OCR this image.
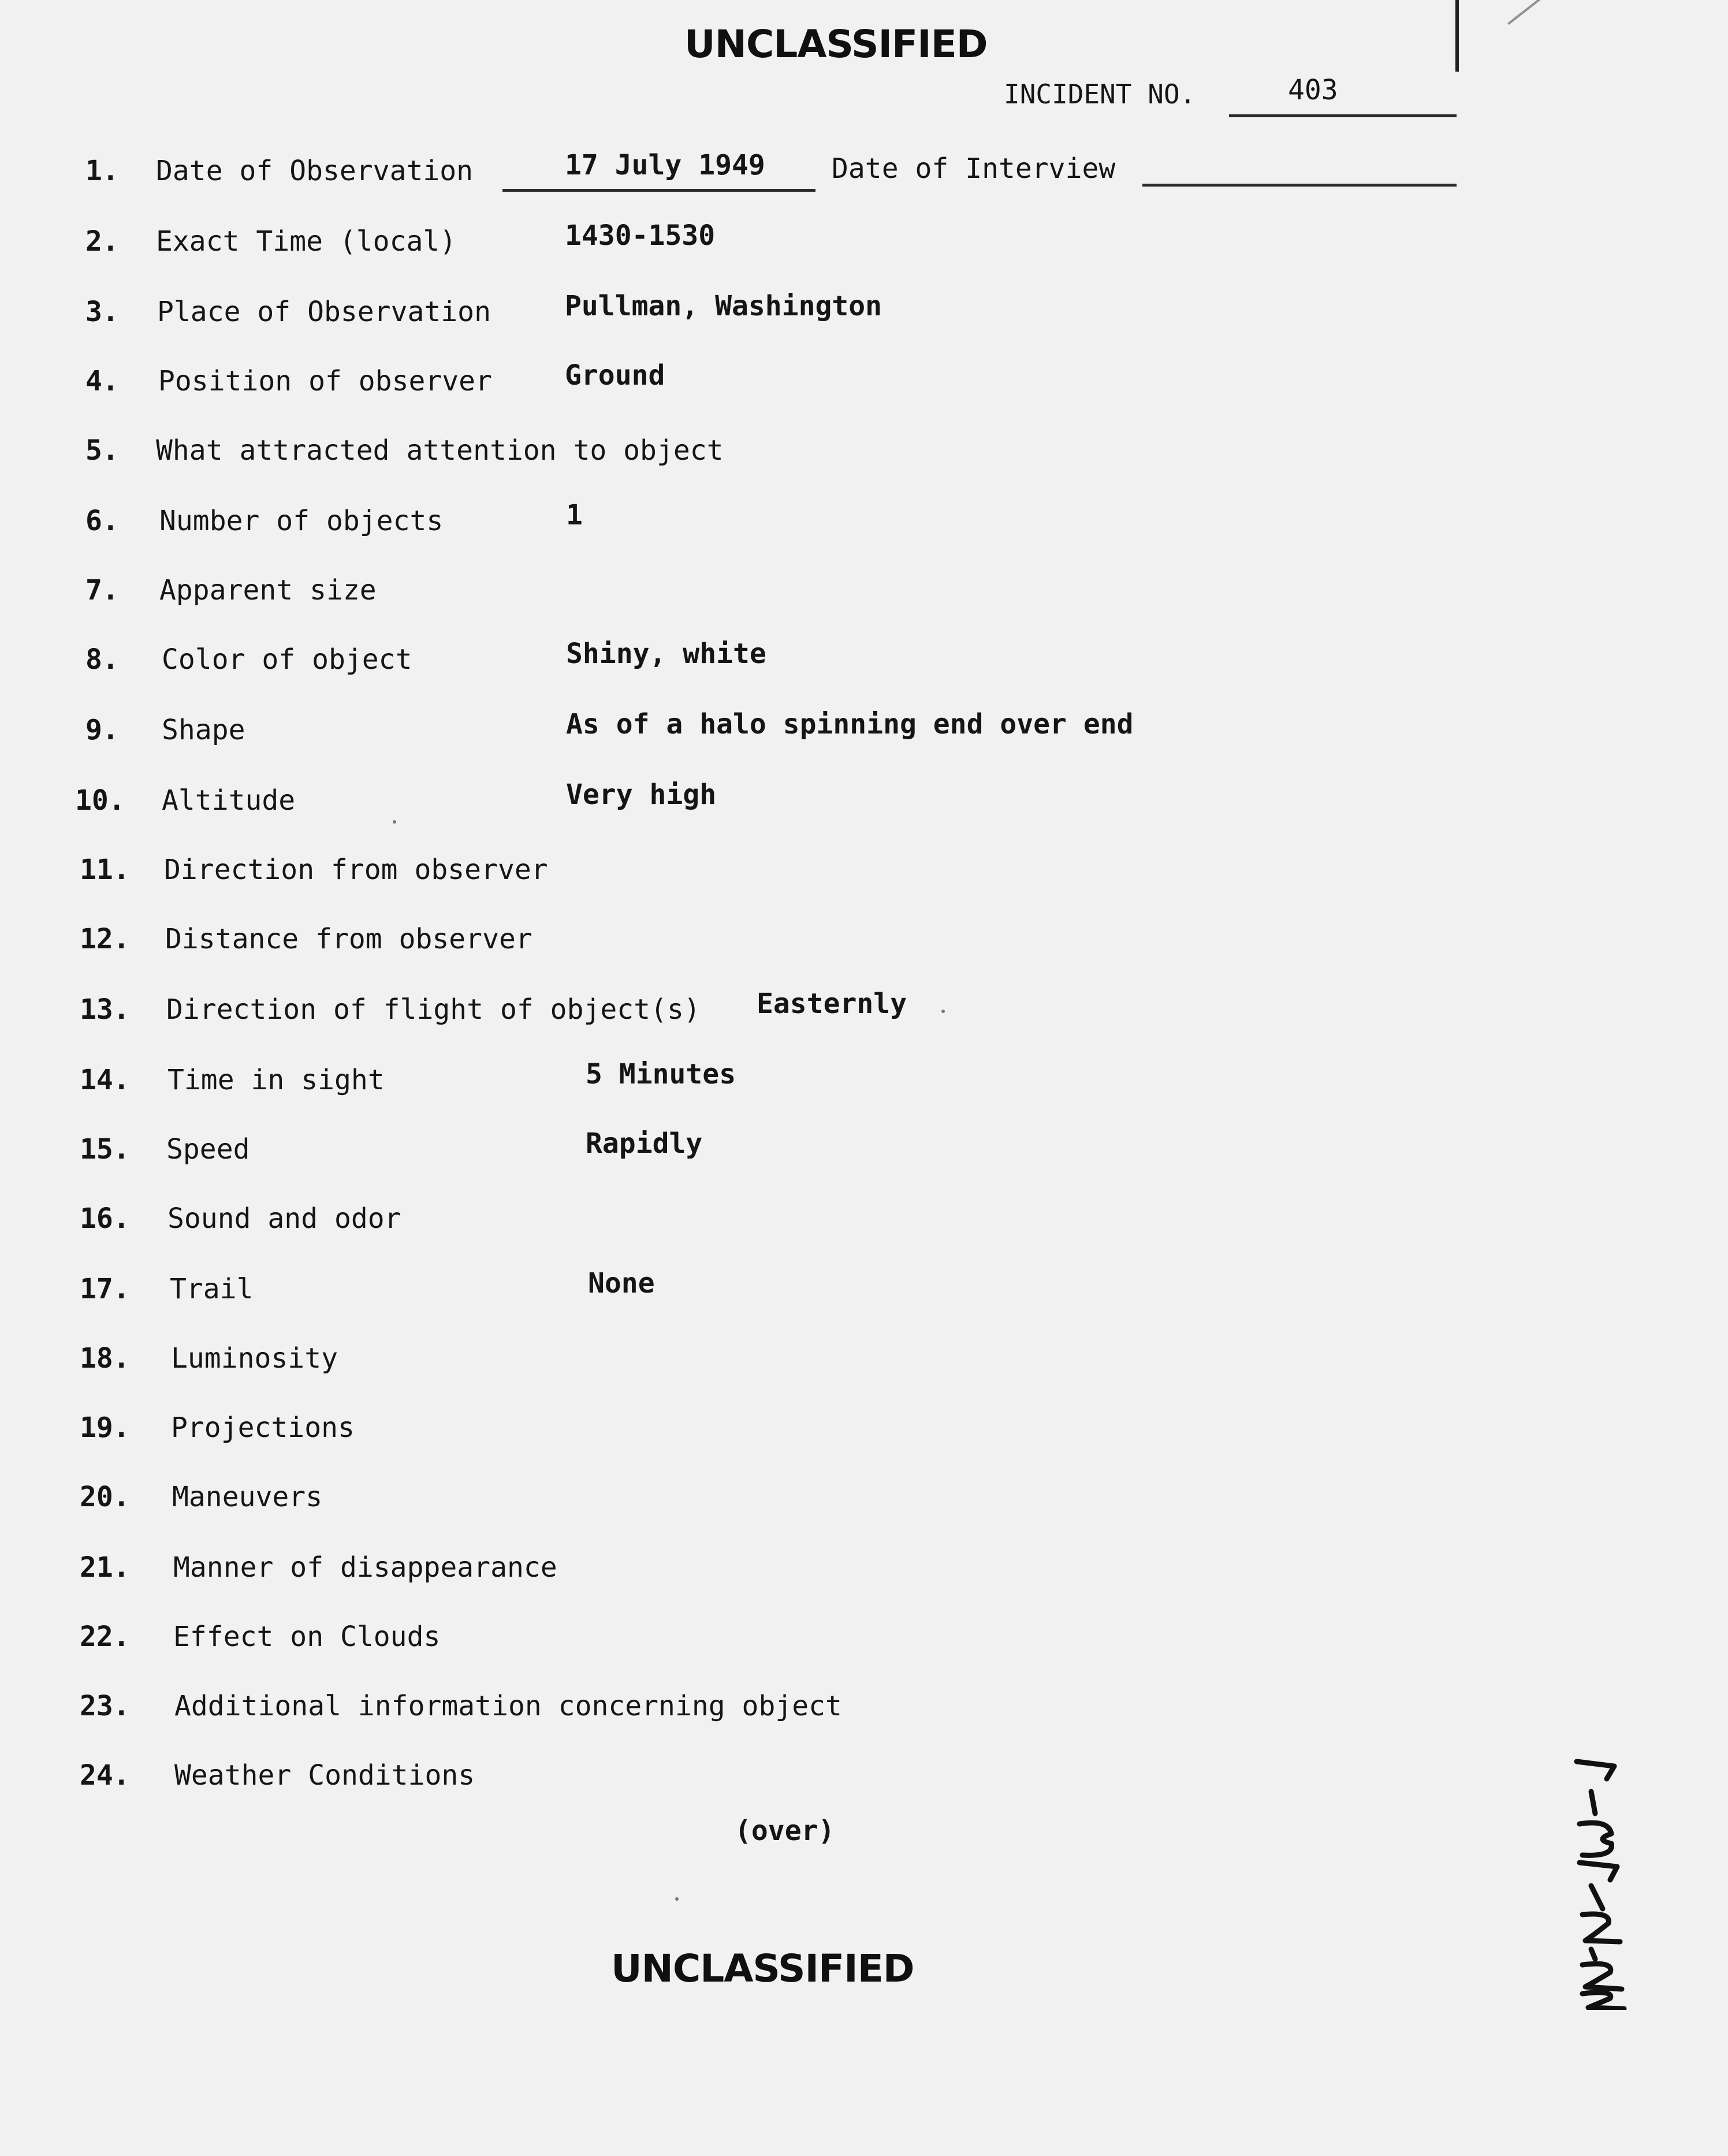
UNCLASSIFIED
INCIDENT NO.	403
1. Date of Observation	17 July 1949 Date of Interview
2. Exact Time (local)	1430-1530
3. Place of Observation	Pullman, Washington
4. Position of observer	Ground
5. What attracted attention to object
6. Number of objects	1
7. Apparent size
8. Color of object	Shiny, white
9. Shape	As of a halo spinning end over end
10. Altitude	Very high
11. Direction from observer
12. Distance from observer
13. Direction of flight of object(s) Easternly
14. Time in sight	5 Minutes
15. Speed	Rapidly
16. Sound and odor
17. Trail	None
18. Luminosity
19. Projections
20. Maneuvers
21. Manner of disappearance
22. Effect on Clouds
23. Additional information concerning object
24. Weather Conditions
(over)
UNCLASSIFIED
